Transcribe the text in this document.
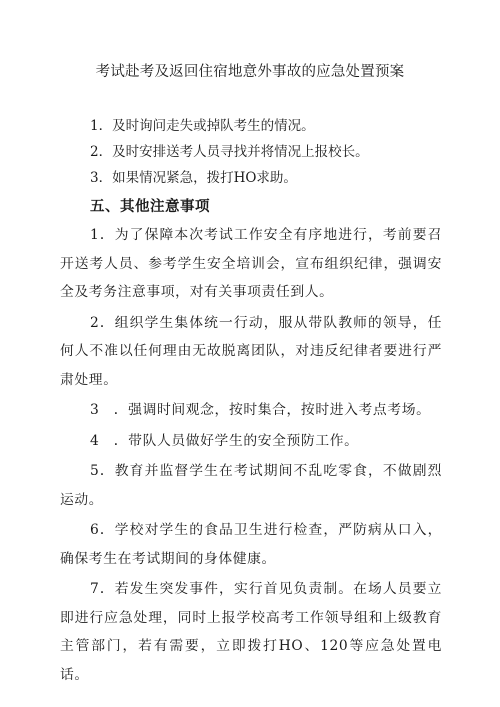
考试赴考及返回住宿地意外事故的应急处置预案
1．及时询问走失或掉队考生的情况。
2．及时安排送考人员寻找并将情况上报校长。
3．如果情况紧急，拨打HO求助。
五、其他注意事项
1．为了保障本次考试工作安全有序地进行，考前要召开送考人员、参考学生安全培训会，宣布组织纪律，强调安全及考务注意事项，对有关事项责任到人。
2．组织学生集体统一行动，服从带队教师的领导，任何人不准以任何理由无故脱离团队，对违反纪律者要进行严肃处理。
3　．强调时间观念，按时集合，按时进入考点考场。
4　．带队人员做好学生的安全预防工作。
5．教育并监督学生在考试期间不乱吃零食，不做剧烈运动。
6．学校对学生的食品卫生进行检查，严防病从口入，确保考生在考试期间的身体健康。
7．若发生突发事件，实行首见负责制。在场人员要立即进行应急处理，同时上报学校高考工作领导组和上级教育主管部门，若有需要，立即拨打HO、120等应急处置电话。
